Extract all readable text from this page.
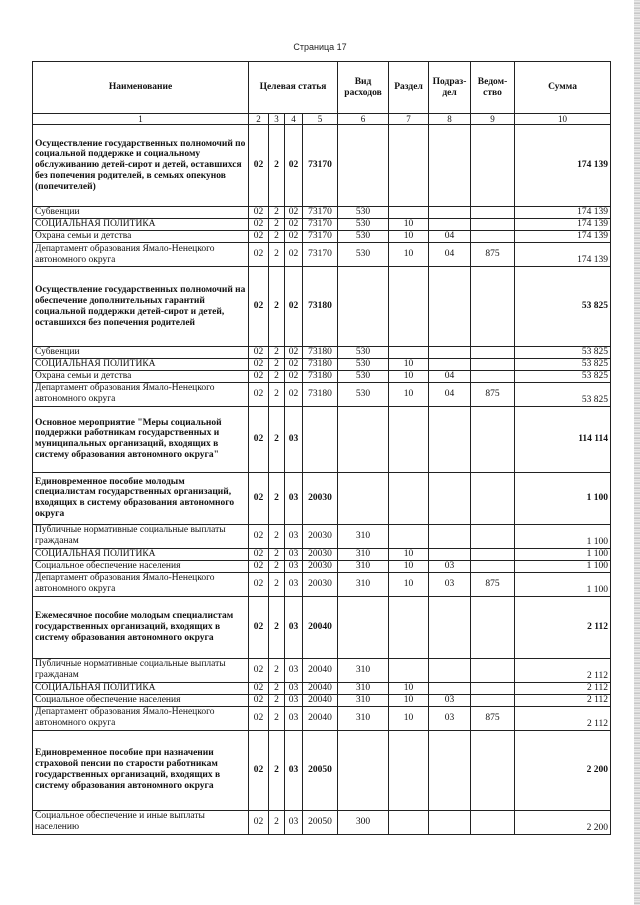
Страница 17
Наименование	Целевая статья				Вид расходов	Раздел	Подраз-дел	Ведом-ство	Сумма
1	2	3	4	5	6	7	8	9	10
Осуществление государственных полномочий по социальной поддержке и социальному обслуживанию детей-сирот и детей, оставшихся без попечения родителей, в семьях опекунов (попечителей)	02	2	02	73170					174 139
Субвенции	02	2	02	73170	530				174 139
СОЦИАЛЬНАЯ ПОЛИТИКА	02	2	02	73170	530	10			174 139
Охрана семьи и детства	02	2	02	73170	530	10	04		174 139
Департамент образования Ямало-Ненецкого автономного округа	02	2	02	73170	530	10	04	875	174 139
Осуществление государственных полномочий на обеспечение дополнительных гарантий социальной поддержки детей-сирот и детей, оставшихся без попечения родителей	02	2	02	73180					53 825
Субвенции	02	2	02	73180	530				53 825
СОЦИАЛЬНАЯ ПОЛИТИКА	02	2	02	73180	530	10			53 825
Охрана семьи и детства	02	2	02	73180	530	10	04		53 825
Департамент образования Ямало-Ненецкого автономного округа	02	2	02	73180	530	10	04	875	53 825
Основное мероприятие "Меры социальной поддержки работникам государственных и муниципальных организаций, входящих в систему образования автономного округа"	02	2	03						114 114
Единовременное пособие молодым специалистам государственных организаций, входящих в систему образования автономного округа	02	2	03	20030					1 100
Публичные нормативные социальные выплаты гражданам	02	2	03	20030	310				1 100
СОЦИАЛЬНАЯ ПОЛИТИКА	02	2	03	20030	310	10			1 100
Социальное обеспечение населения	02	2	03	20030	310	10	03		1 100
Департамент образования Ямало-Ненецкого автономного округа	02	2	03	20030	310	10	03	875	1 100
Ежемесячное пособие молодым специалистам государственных организаций, входящих в систему образования автономного округа	02	2	03	20040					2 112
Публичные нормативные социальные выплаты гражданам	02	2	03	20040	310				2 112
СОЦИАЛЬНАЯ ПОЛИТИКА	02	2	03	20040	310	10			2 112
Социальное обеспечение населения	02	2	03	20040	310	10	03		2 112
Департамент образования Ямало-Ненецкого автономного округа	02	2	03	20040	310	10	03	875	2 112
Единовременное пособие при назначении страховой пенсии по старости работникам государственных организаций, входящих в систему образования автономного округа	02	2	03	20050					2 200
Социальное обеспечение и иные выплаты населению	02	2	03	20050	300				2 200
